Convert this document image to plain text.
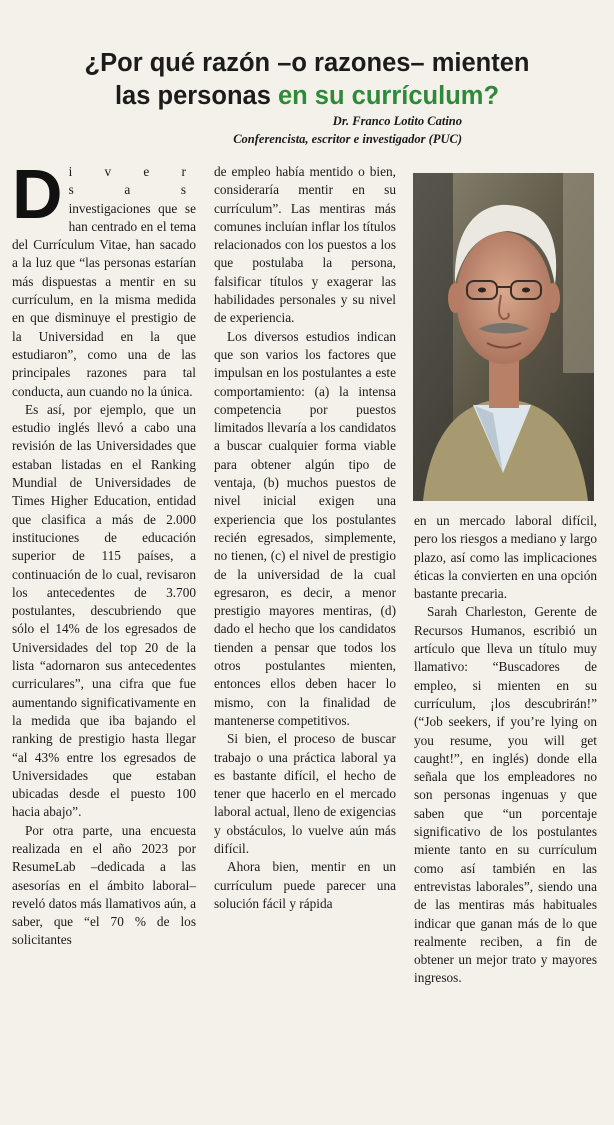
¿Por qué razón –o razones– mienten
las personas en su currículum?
Dr. Franco Lotito Catino
Conferencista, escritor e investigador (PUC)

Di v e r s a s investigaciones que se han centrado en el tema del Currículum Vitae, han sacado a la luz que “las personas estarían más dispuestas a mentir en su currículum, en la misma medida en que disminuye el prestigio de la Universidad en la que estudiaron”, como una de las principales razones para tal conducta, aun cuando no la única.

Es así, por ejemplo, que un estudio inglés llevó a cabo una revisión de las Universidades que estaban listadas en el Ranking Mundial de Universidades de Times Higher Education, entidad que clasifica a más de 2.000 instituciones de educación superior de 115 países, a continuación de lo cual, revisaron los antecedentes de 3.700 postulantes, descubriendo que sólo el 14% de los egresados de Universidades del top 20 de la lista “adornaron sus antecedentes curriculares”, una cifra que fue aumentando significativamente en la medida que iba bajando el ranking de prestigio hasta llegar “al 43% entre los egresados de Universidades que estaban ubicadas desde el puesto 100 hacia abajo”.

Por otra parte, una encuesta realizada en el año 2023 por ResumeLab –dedicada a las asesorías en el ámbito laboral– reveló datos más llamativos aún, a saber, que “el 70 % de los solicitantes

de empleo había mentido o bien, consideraría mentir en su currículum”. Las mentiras más comunes incluían inflar los títulos relacionados con los puestos a los que postulaba la persona, falsificar títulos y exagerar las habilidades personales y su nivel de experiencia.

Los diversos estudios indican que son varios los factores que impulsan en los postulantes a este comportamiento: (a) la intensa competencia por puestos limitados llevaría a los candidatos a buscar cualquier forma viable para obtener algún tipo de ventaja, (b) muchos puestos de nivel inicial exigen una experiencia que los postulantes recién egresados, simplemente, no tienen, (c) el nivel de prestigio de la universidad de la cual egresaron, es decir, a menor prestigio mayores mentiras, (d) dado el hecho que los candidatos tienden a pensar que todos los otros postulantes mienten, entonces ellos deben hacer lo mismo, con la finalidad de mantenerse competitivos.

Si bien, el proceso de buscar trabajo o una práctica laboral ya es bastante difícil, el hecho de tener que hacerlo en el mercado laboral actual, lleno de exigencias y obstáculos, lo vuelve aún más difícil.

Ahora bien, mentir en un currículum puede parecer una solución fácil y rápida

en un mercado laboral difícil, pero los riesgos a mediano y largo plazo, así como las implicaciones éticas la convierten en una opción bastante precaria.

Sarah Charleston, Gerente de Recursos Humanos, escribió un artículo que lleva un título muy llamativo: “Buscadores de empleo, si mienten en su currículum, ¡los descubrirán!” (“Job seekers, if you’re lying on you resume, you will get caught!”, en inglés) donde ella señala que los empleadores no son personas ingenuas y que saben que “un porcentaje significativo de los postulantes miente tanto en su currículum como así también en las entrevistas laborales”, siendo una de las mentiras más habituales indicar que ganan más de lo que realmente reciben, a fin de obtener un mejor trato y mayores ingresos.
